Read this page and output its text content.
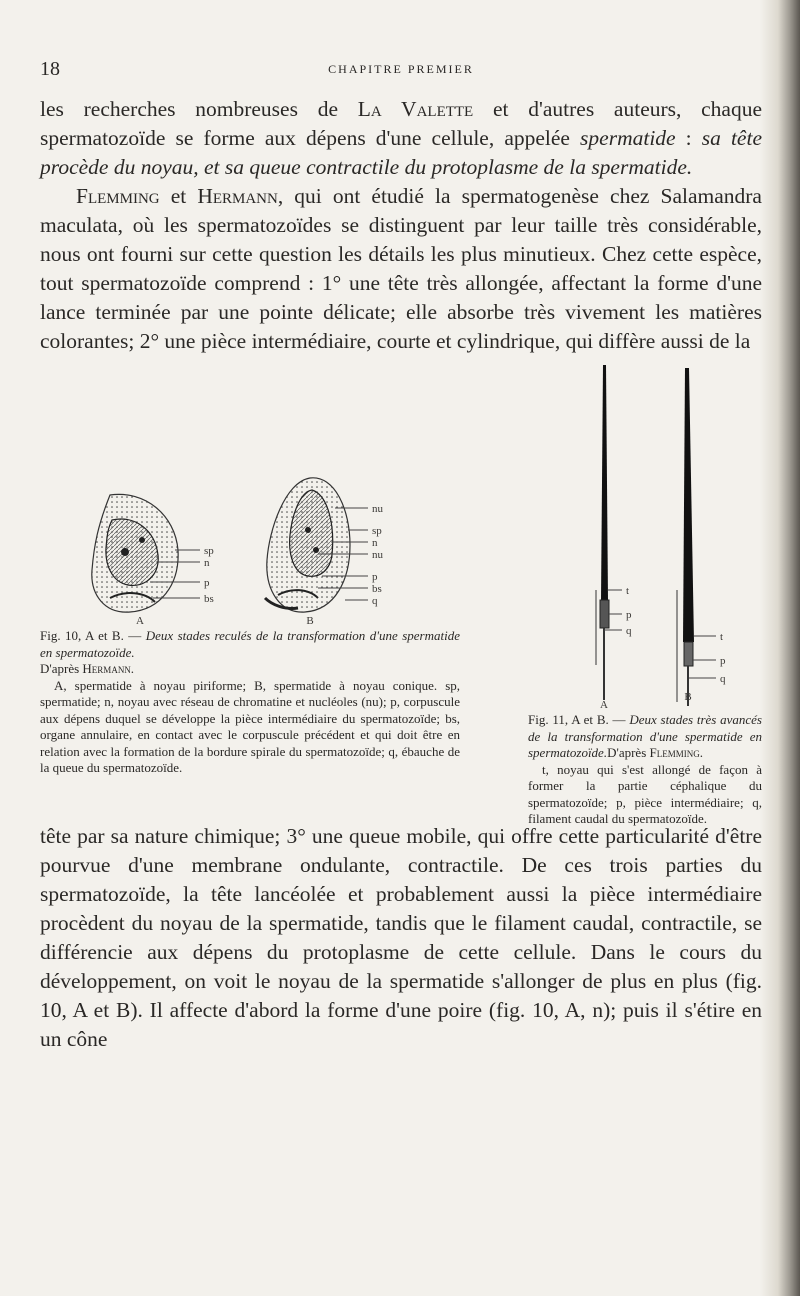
18	CHAPITRE PREMIER

les recherches nombreuses de La Valette et d'autres auteurs, chaque spermatozoïde se forme aux dépens d'une cellule, appelée spermatide : sa tête procède du noyau, et sa queue contractile du protoplasme de la spermatide.

Flemming et Hermann, qui ont étudié la spermatogenèse chez Salamandra maculata, où les spermatozoïdes se distinguent par leur taille très considérable, nous ont fourni sur cette question les détails les plus minutieux. Chez cette espèce, tout spermatozoïde comprend : 1° une tête très allongée, affectant la forme d'une lance terminée par une pointe délicate; elle absorbe très vivement les matières colorantes; 2° une pièce intermédiaire, courte et cylindrique, qui diffère aussi de la

sp
n
p
bs
nu
sp
n
nu
p
bs
q
A	B
t
p
q	t
p
q
A
B

Fig. 10, A et B. — Deux stades reculés de la transformation d'une spermatide en spermatozoïde.

D'après Hermann.

A, spermatide à noyau piriforme; B, spermatide à noyau conique. sp, spermatide; n, noyau avec réseau de chromatine et nucléoles (nu); p, corpuscule aux dépens duquel se développe la pièce intermédiaire du spermatozoïde; bs, organe annulaire, en contact avec le corpuscule précédent et qui doit être en relation avec la formation de la bordure spirale du spermatozoïde; q, ébauche de la queue du spermatozoïde.

Fig. 11, A et B. — Deux stades très avancés de la transformation d'une spermatide en spermatozoïde.D'après Flemming.

t, noyau qui s'est allongé de façon à former la partie céphalique du spermatozoïde; p, pièce intermédiaire; q, filament caudal du spermatozoïde.

tête par sa nature chimique; 3° une queue mobile, qui offre cette particularité d'être pourvue d'une membrane ondulante, contractile. De ces trois parties du spermatozoïde, la tête lancéolée et probablement aussi la pièce intermédiaire procèdent du noyau de la spermatide, tandis que le filament caudal, contractile, se différencie aux dépens du protoplasme de cette cellule. Dans le cours du développement, on voit le noyau de la spermatide s'allonger de plus en plus (fig. 10, A et B). Il affecte d'abord la forme d'une poire (fig. 10, A, n); puis il s'étire en un cône
